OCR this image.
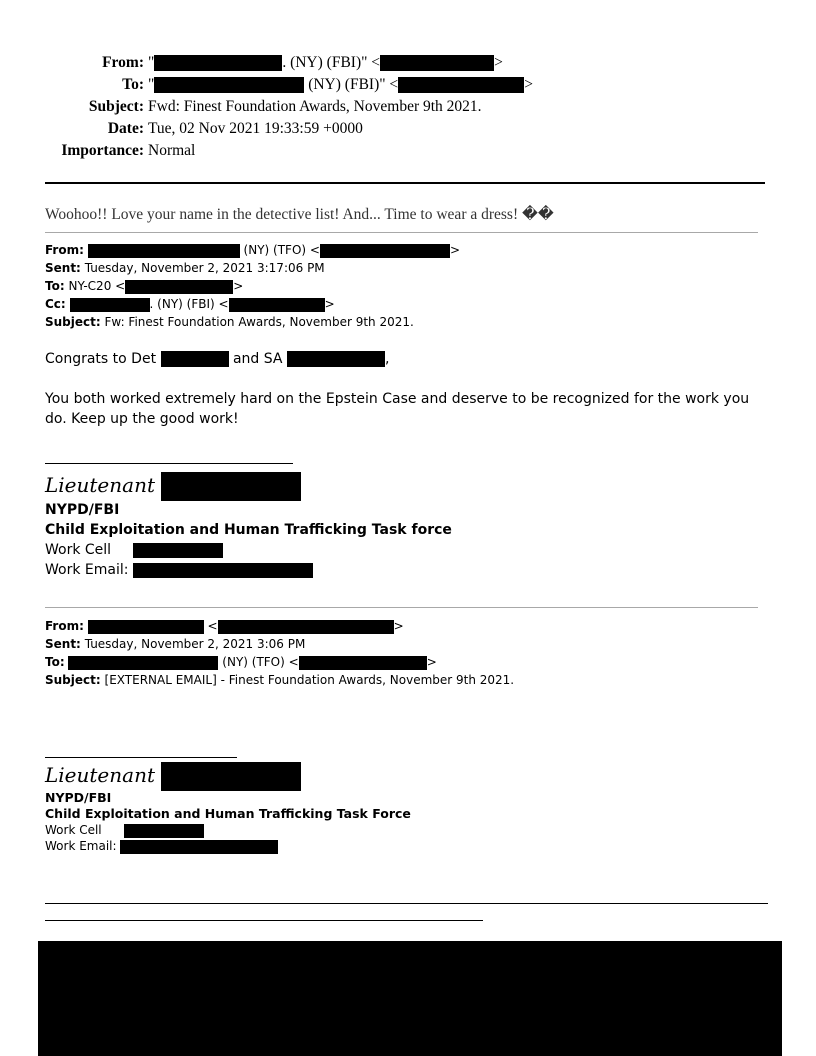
From: "	. (NY) (FBI)" <	>
To: "	(NY) (FBI)" <	>
Subject: Fwd: Finest Foundation Awards, November 9th 2021.
Date: Tue, 02 Nov 2021 19:33:59 +0000
Importance: Normal
Woohoo!! Love your name in the detective list! And... Time to wear a dress! ��
From:	(NY) (TFO) <	>
Sent: Tuesday, November 2, 2021 3:17:06 PM
To: NY-C20 <	>
Cc:	. (NY) (FBI) <	>
Subject: Fw: Finest Foundation Awards, November 9th 2021.
Congrats to Det	and SA	,
You both worked extremely hard on the Epstein Case and deserve to be recognized for the work you do. Keep up the good work!
Lieutenant
NYPD/FBI
Child Exploitation and Human Trafficking Task force
Work Cell
Work Email:
From:	<	>
Sent: Tuesday, November 2, 2021 3:06 PM
To:	(NY) (TFO) <	>
Subject: [EXTERNAL EMAIL] - Finest Foundation Awards, November 9th 2021.
Lieutenant
NYPD/FBI
Child Exploitation and Human Trafficking Task Force
Work Cell
Work Email:
